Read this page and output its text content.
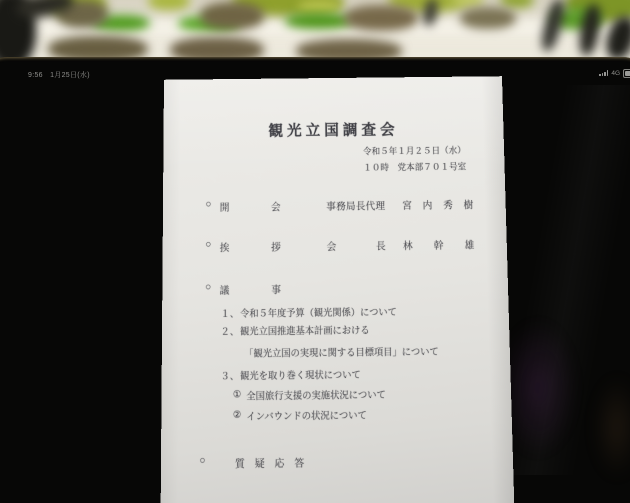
9:56 1月25日(水)	4G
観光立国調査会
令和５年１月２５日（水）
１０時　党本部７０１号室
○ 開会	事務局長代理 宮内秀樹
○ 挨拶	会長 林幹雄
○ 議事
１、 令和５年度予算（観光関係）について
２、 観光立国推進基本計画における
「観光立国の実現に関する目標項目」について
３、 観光を取り巻く現状について
① 全国旅行支援の実施状況について
② インバウンドの状況について
○	質疑応答
